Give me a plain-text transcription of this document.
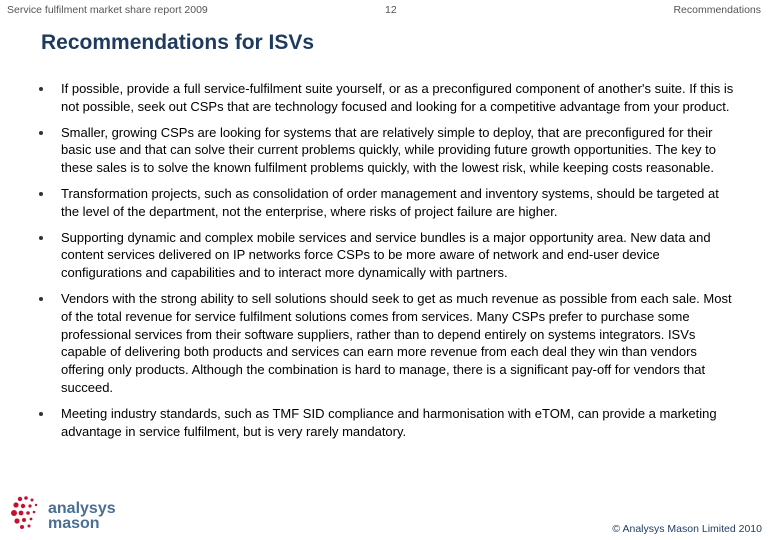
Service fulfilment market share report 2009	12	Recommendations
Recommendations for ISVs
If possible, provide a full service-fulfilment suite yourself, or as a preconfigured component of another's suite. If this is not possible, seek out CSPs that are technology focused and looking for a competitive advantage from your product.
Smaller, growing CSPs are looking for systems that are relatively simple to deploy, that are preconfigured for their basic use and that can solve their current problems quickly, while providing future growth opportunities. The key to these sales is to solve the known fulfilment problems quickly, with the lowest risk, while keeping costs reasonable.
Transformation projects, such as consolidation of order management and inventory systems, should be targeted at the level of the department, not the enterprise, where risks of project failure are higher.
Supporting dynamic and complex mobile services and service bundles is a major opportunity area. New data and content services delivered on IP networks force CSPs to be more aware of network and end-user device configurations and capabilities and to interact more dynamically with partners.
Vendors with the strong ability to sell solutions should seek to get as much revenue as possible from each sale. Most of the total revenue for service fulfilment solutions comes from services. Many CSPs prefer to purchase some professional services from their software suppliers, rather than to depend entirely on systems integrators. ISVs capable of delivering both products and services can earn more revenue from each deal they win than vendors offering only products. Although the combination is hard to manage, there is a significant pay-off for vendors that succeed.
Meeting industry standards, such as TMF SID compliance and harmonisation with eTOM, can provide a marketing advantage in service fulfilment, but is very rarely mandatory.
analysys
mason	© Analysys Mason Limited 2010
